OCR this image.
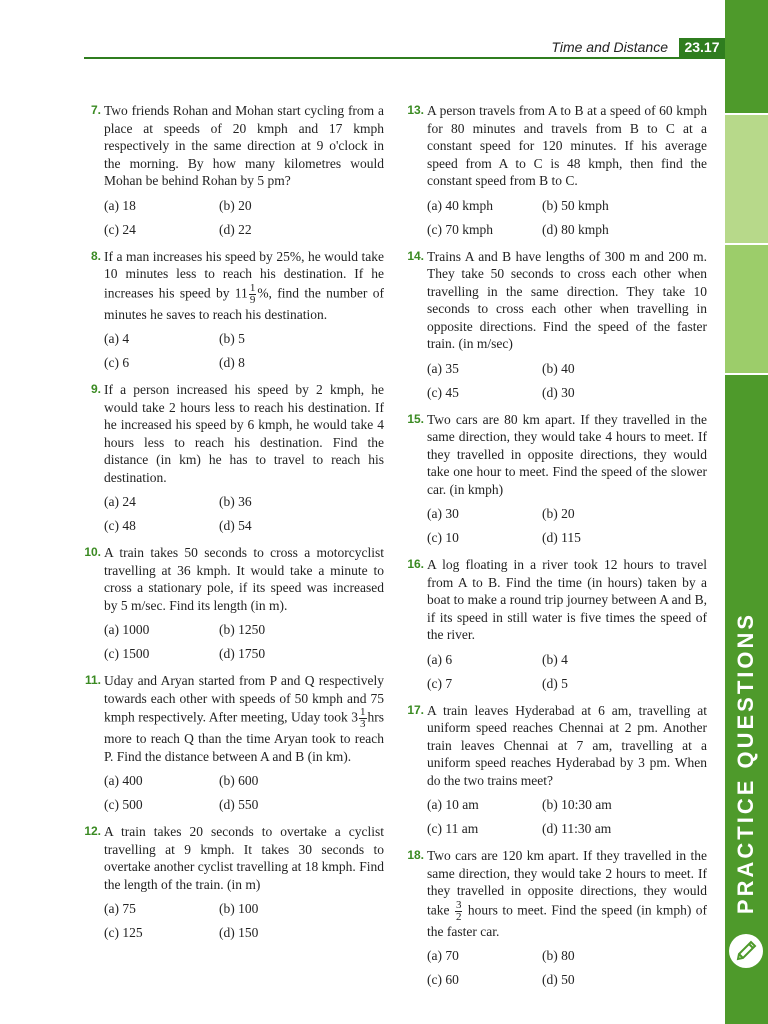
Time and Distance	23.17
PRACTICE QUESTIONS
7. Two friends Rohan and Mohan start cycling from a place at speeds of 20 kmph and 17 kmph respectively in the same direction at 9 o'clock in the morning. By how many kilometres would Mohan be behind Rohan by 5 pm?
(a) 18	(b) 20
(c) 24	(d) 22
8. If a man increases his speed by 25%, he would take 10 minutes less to reach his destination. If he increases his speed by $11 \frac{1}{9}$ %, find the number of minutes he saves to reach his destination.
(a) 4	(b) 5
(c) 6	(d) 8
9. If a person increased his speed by 2 kmph, he would take 2 hours less to reach his destination. If he increased his speed by 6 kmph, he would take 4 hours less to reach his destination. Find the distance (in km) he has to travel to reach his destination.
(a) 24	(b) 36
(c) 48	(d) 54
10. A train takes 50 seconds to cross a motorcyclist travelling at 36 kmph. It would take a minute to cross a stationary pole, if its speed was increased by 5 m/sec. Find its length (in m).
(a) 1000	(b) 1250
(c) 1500	(d) 1750
11. Uday and Aryan started from P and Q respectively towards each other with speeds of 50 kmph and 75 kmph respectively. After meeting, Uday took $3 \frac{1}{3}$ hrs more to reach Q than the time Aryan took to reach P. Find the distance between A and B (in km).
(a) 400	(b) 600
(c) 500	(d) 550
12. A train takes 20 seconds to overtake a cyclist travelling at 9 kmph. It takes 30 seconds to overtake another cyclist travelling at 18 kmph. Find the length of the train. (in m)
(a) 75	(b) 100
(c) 125	(d) 150
13. A person travels from A to B at a speed of 60 kmph for 80 minutes and travels from B to C at a constant speed for 120 minutes. If his average speed from A to C is 48 kmph, then find the constant speed from B to C.
(a) 40 kmph	(b) 50 kmph
(c) 70 kmph	(d) 80 kmph
14. Trains A and B have lengths of 300 m and 200 m. They take 50 seconds to cross each other when travelling in the same direction. They take 10 seconds to cross each other when travelling in opposite directions. Find the speed of the faster train. (in m/sec)
(a) 35	(b) 40
(c) 45	(d) 30
15. Two cars are 80 km apart. If they travelled in the same direction, they would take 4 hours to meet. If they travelled in opposite directions, they would take one hour to meet. Find the speed of the slower car. (in kmph)
(a) 30	(b) 20
(c) 10	(d) 115
16. A log floating in a river took 12 hours to travel from A to B. Find the time (in hours) taken by a boat to make a round trip journey between A and B, if its speed in still water is five times the speed of the river.
(a) 6	(b) 4
(c) 7	(d) 5
17. A train leaves Hyderabad at 6 am, travelling at uniform speed reaches Chennai at 2 pm. Another train leaves Chennai at 7 am, travelling at a uniform speed reaches Hyderabad by 3 pm. When do the two trains meet?
(a) 10 am	(b) 10:30 am
(c) 11 am	(d) 11:30 am
18. Two cars are 120 km apart. If they travelled in the same direction, they would take 2 hours to meet. If they travelled in opposite directions, they would take $\frac{3}{2}$ hours to meet. Find the speed (in kmph) of the faster car.
(a) 70	(b) 80
(c) 60	(d) 50
